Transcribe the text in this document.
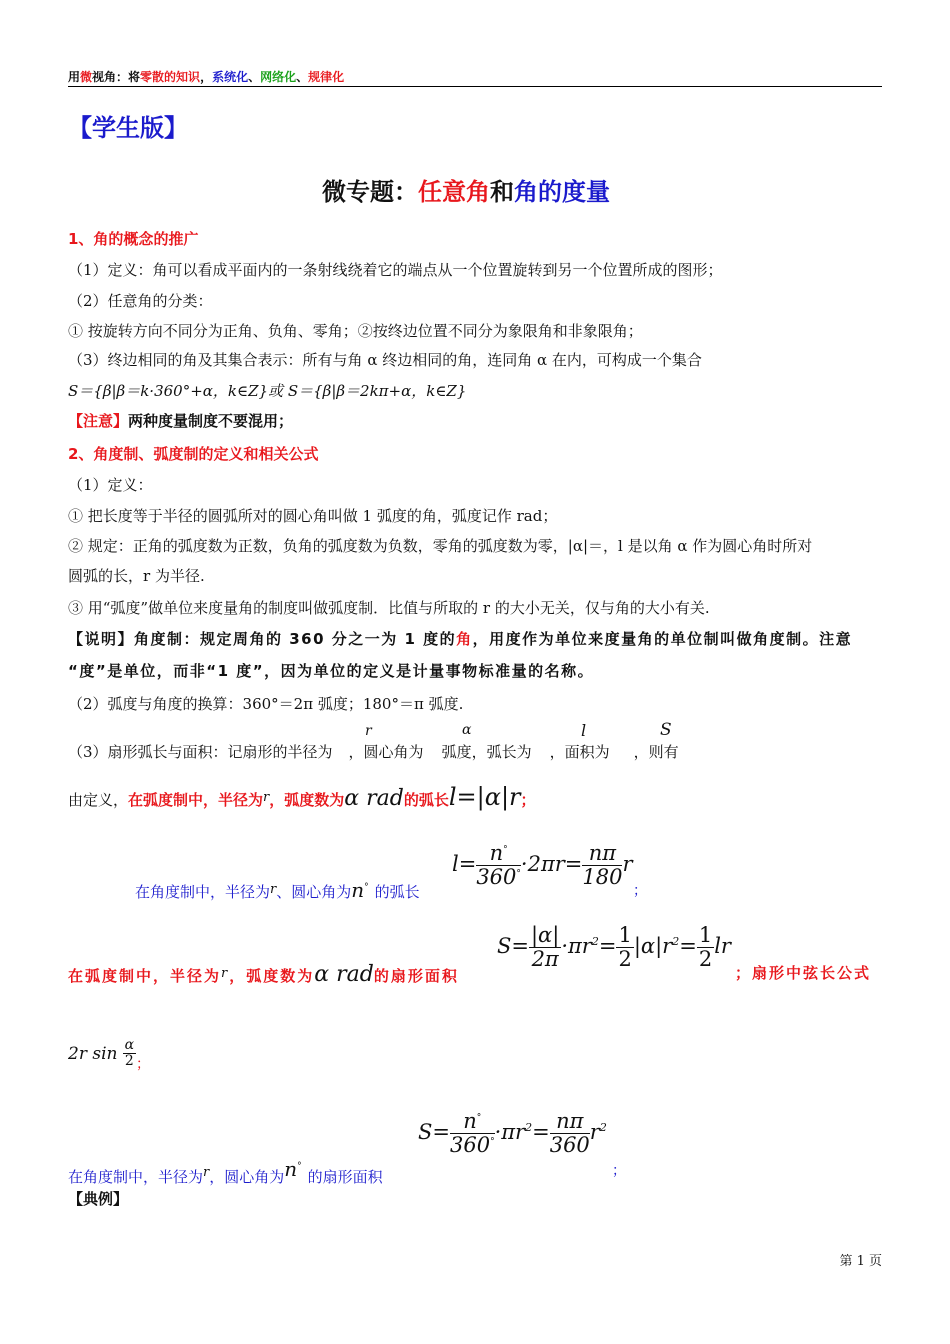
用微视角：将零散的知识，系统化、网络化、规律化
【学生版】
微专题：任意角和角的度量
1、角的概念的推广
（1）定义：角可以看成平面内的一条射线绕着它的端点从一个位置旋转到另一个位置所成的图形；
（2）任意角的分类：
① 按旋转方向不同分为正角、负角、零角；②按终边位置不同分为象限角和非象限角；
（3）终边相同的角及其集合表示：所有与角 α 终边相同的角，连同角 α 在内，可构成一个集合
S＝{β|β＝k·360°+α，k∈Z}或 S＝{β|β＝2kπ+α，k∈Z}
【注意】两种度量制度不要混用；
2、角度制、弧度制的定义和相关公式
（1）定义：
① 把长度等于半径的圆弧所对的圆心角叫做 1 弧度的角，弧度记作 rad；
② 规定：正角的弧度数为正数，负角的弧度数为负数，零角的弧度数为零，|α|＝，l 是以角 α 作为圆心角时所对
圆弧的长，r 为半径.
③ 用“弧度”做单位来度量角的制度叫做弧度制．比值与所取的 r 的大小无关，仅与角的大小有关.
【说明】角度制：规定周角的 360 分之一为 1 度的角，用度作为单位来度量角的单位制叫做角度制。注意
“度”是单位，而非“1 度”，因为单位的定义是计量事物标准量的名称。
（2）弧度与角度的换算：360°＝2π 弧度；180°＝π 弧度.
（3）扇形弧长与面积：记扇形的半径为 ，圆心角为 弧度，弧长为 ，面积为 ，则有
r	α	l	S
由定义，在弧度制中，半径为r，弧度数为α rad的弧长l=|α|r；
在角度制中，半径为r、圆心角为n° 的弧长
$l= \frac{n^\circ}{360^\circ} \cdot 2\pi r= \frac{n\pi}{180}$ r
；
在弧度制中，半径为r，弧度数为α rad的扇形面积
$S= \frac{|\alpha|}{2\pi} \cdot\pi r^2= \frac{1}{2} |\alpha|r^2= \frac{1}{2}$ lr
；扇形中弦长公式
2r $\sin \frac{\alpha}{2}$ ；
在角度制中，半径为r，圆心角为n°的扇形面积
$S= \frac{n^\circ}{360^\circ} \cdot\pi r^2= \frac{n\pi}{360} r^2$
；
【典例】
第 1 页
